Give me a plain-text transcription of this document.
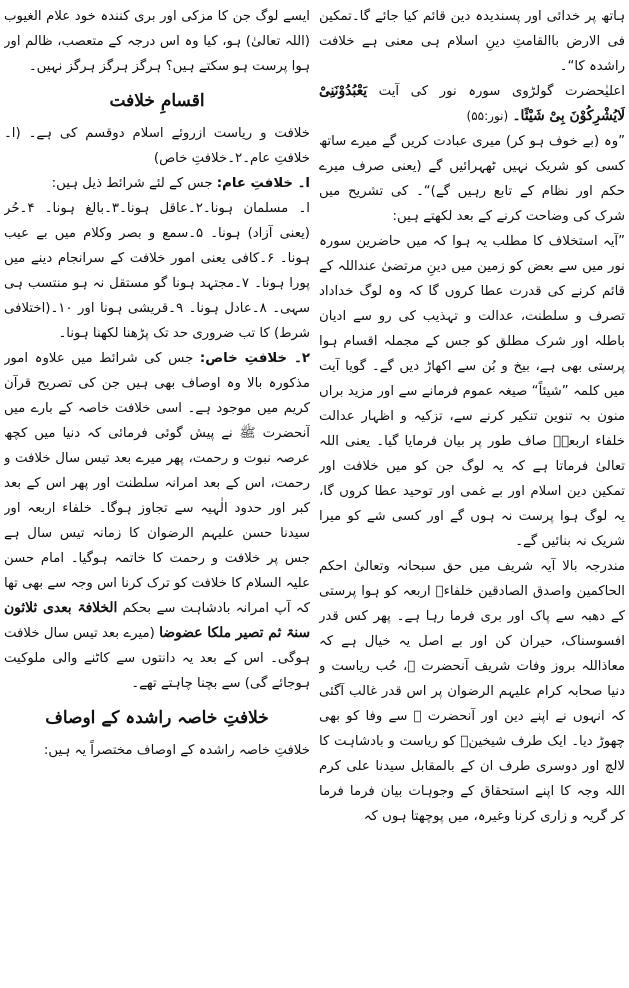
ہاتھ پر خدائی اور پسندیدہ دین قائم کیا جائے گا۔تمکین فی الارض باالقامتِ دینِ اسلام ہی معنی ہے خلافت راشدہ کا“۔

اعلیٰحضرت گولڑوی سورہ نور کی آیت یَعْبُدُوْنَنِیْ لَایُشْرِکُوْنَ بِیْ شَیْئًا۔ (نور:۵۵)

”وہ (بے خوف ہو کر) میری عبادت کریں گے میرے ساتھ کسی کو شریک نہیں ٹھہرائیں گے (یعنی صرف میرے حکم اور نظام کے تابع رہیں گے)“۔ کی تشریح میں شرک کی وضاحت کرنے کے بعد لکھتے ہیں:

”آیہ استخلاف کا مطلب یہ ہوا کہ میں حاضرین سورہ نور میں سے بعض کو زمین میں دینِ مرتضیٰ عنداللہ کے قائم کرنے کی قدرت عطا کروں گا کہ وہ لوگ خداداد تصرف و سلطنت، عدالت و تہذیب کی رو سے ادیان باطلہ اور شرک مطلق کو جس کے مجملہ اقسام ہوا پرستی بھی ہے، بیخ و بُن سے اکھاڑ دیں گے۔ گویا آیت میں کلمہ ”شیئاً“ صیغہ عموم فرمانے سے اور مزید براں منون بہ تنوین تنکیر کرنے سے، تزکیہ و اظہار عدالت خلفاء اربعہؓ صاف طور پر بیان فرمایا گیا۔ یعنی اللہ تعالیٰ فرماتا ہے کہ یہ لوگ جن کو میں خلافت اور تمکین دین اسلام اور بے غمی اور توحید عطا کروں گا، یہ لوگ ہوا پرست نہ ہوں گے اور کسی شے کو میرا شریک نہ بنائیں گے۔

مندرجہ بالا آیہ شریف میں حق سبحانہ وتعالیٰ احکم الحاکمین واصدق الصادقین خلفاءؓ اربعہ کو ہوا پرستی کے دھبہ سے پاک اور بری فرما رہا ہے۔ پھر کس قدر افسوسناک، حیران کن اور بے اصل یہ خیال ہے کہ معاذاللہ بروز وفات شریف آنحضرت ﷺ، حُب ریاست و دنیا صحابہ کرام علیہم الرضوان پر اس قدر غالب آگئی کہ انہوں نے اپنے دین اور آنحضرت ﷺ سے وفا کو بھی چھوڑ دیا۔ ایک طرف شیخینؓ کو ریاست و بادشاہت کا لالچ اور دوسری طرف ان کے بالمقابل سیدنا علی کرم اللہ وجہ کا اپنے استحقاق کے وجوہات بیان فرما فرما کر گریہ و زاری کرنا وغیرہ، میں پوچھتا ہوں کہ

ایسے لوگ جن کا مزکی اور بری کنندہ خود علام الغیوب (اللہ تعالیٰ) ہو، کیا وہ اس درجہ کے متعصب، ظالم اور ہوا پرست ہو سکتے ہیں؟ ہرگز ہرگز ہرگز نہیں۔

اقسامِ خلافت

خلافت و ریاست ازروئے اسلام دوقسم کی ہے۔ (ا۔خلافتِ عام۔۲۔خلافتِ خاص)

ا۔ خلافتِ عام: جس کے لئے شرائط ذیل ہیں:

ا۔ مسلمان ہونا۔۲۔عاقل ہونا۔۳۔بالغ ہونا۔ ۴۔حُر (یعنی آزاد) ہونا۔ ۵۔سمع و بصر وکلام میں بے عیب ہونا۔ ۶۔کافی یعنی امور خلافت کے سرانجام دینے میں پورا ہونا۔ ۷۔مجتہد ہونا گو مستقل نہ ہو منتسب ہی سہی۔ ۸۔عادل ہونا۔ ۹۔قریشی ہونا اور ۱۰۔(اختلافی شرط) کا تب ضروری حد تک پڑھنا لکھنا ہونا۔

۲۔ خلافتِ خاص: جس کی شرائط میں علاوہ امور مذکورہ بالا وہ اوصاف بھی ہیں جن کی تصریح قرآن کریم میں موجود ہے۔ اسی خلافت خاصہ کے بارے میں آنحضرت ﷺ نے پیش گوئی فرمائی کہ دنیا میں کچھ عرصہ نبوت و رحمت، پھر میرے بعد تیس سال خلافت و رحمت، اس کے بعد امرانہ سلطنت اور پھر اس کے بعد کبر اور حدود الٰہیہ سے تجاوز ہوگا۔ خلفاء اربعہ اور سیدنا حسن علیہم الرضوان کا زمانہ تیس سال ہے جس پر خلافت و رحمت کا خاتمہ ہوگیا۔ امام حسن علیہ السلام کا خلافت کو ترک کرنا اس وجہ سے بھی تھا کہ آپ امرانہ بادشاہت سے بحکم الخلافۃ بعدی ثلاثون سنۃ ثم تصیر ملکا عضوضا (میرے بعد تیس سال خلافت ہوگی۔ اس کے بعد یہ دانتوں سے کاٹنے والی ملوکیت ہوجائے گی) سے بچنا چاہتے تھے۔

خلافتِ خاصہ راشدہ کے اوصاف

خلافتِ خاصہ راشدہ کے اوصاف مختصراً یہ ہیں:
